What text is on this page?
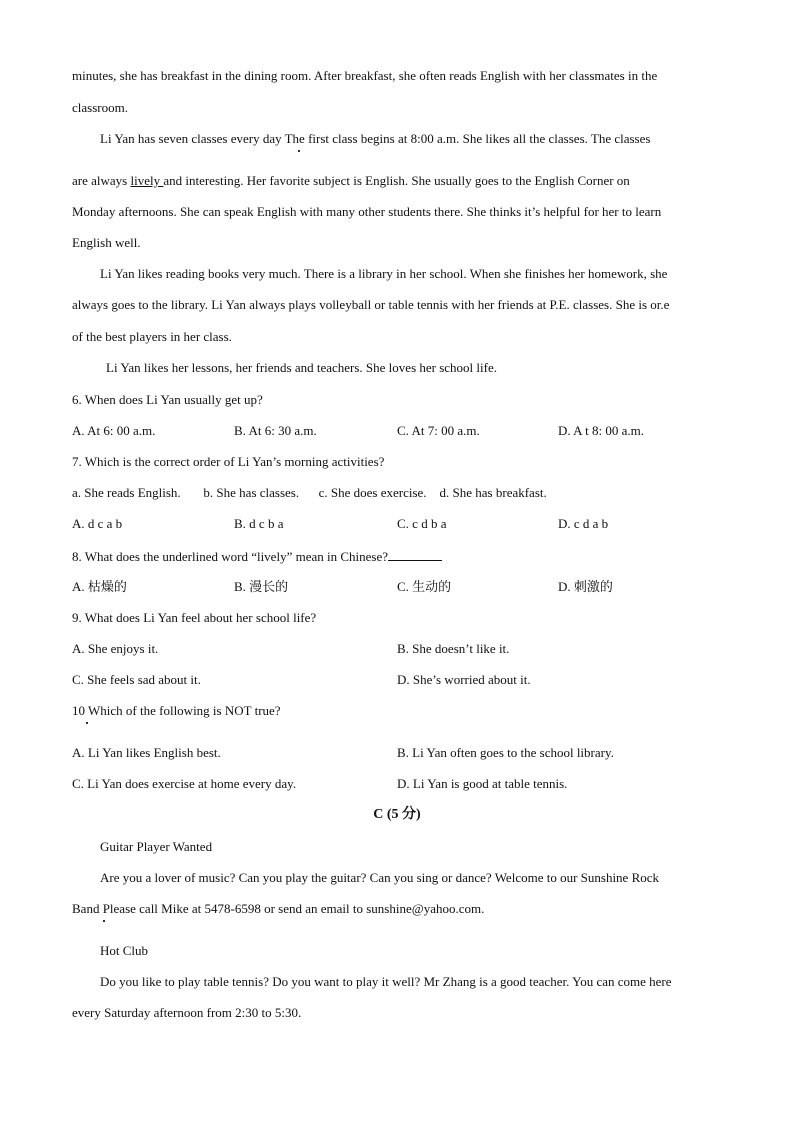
minutes, she has breakfast in the dining room. After breakfast, she often reads English with her classmates in the
classroom.
Li Yan has seven classes every day The first class begins at 8:00 a.m. She likes all the classes. The classes
are always lively and interesting. Her favorite subject is English. She usually goes to the English Corner on
Monday afternoons. She can speak English with many other students there. She thinks it’s helpful for her to learn
English well.
Li Yan likes reading books very much. There is a library in her school. When she finishes her homework, she
always goes to the library. Li Yan always plays volleyball or table tennis with her friends at P.E. classes. She is or.e
of the best players in her class.
Li Yan likes her lessons, her friends and teachers. She loves her school life.
6. When does Li Yan usually get up?
A. At 6: 00 a.m.	B. At 6: 30 a.m.	C. At 7: 00 a.m.	D. A t 8: 00 a.m.
7. Which is the correct order of Li Yan’s morning activities?
a. She reads English.       b. She has classes.      c. She does exercise.    d. She has breakfast.
A. d c a b	B. d c b a	C. c d b a	D. c d a b
8. What does the underlined word “lively” mean in Chinese?
A. 枯燥的	B. 漫长的	C. 生动的	D. 刺激的
9. What does Li Yan feel about her school life?
A. She enjoys it.	B. She doesn’t like it.
C. She feels sad about it.	D. She’s worried about it.
10 Which of the following is NOT true?
A. Li Yan likes English best.	B. Li Yan often goes to the school library.
C. Li Yan does exercise at home every day.	D. Li Yan is good at table tennis.
C (5 分)
Guitar Player Wanted
Are you a lover of music? Can you play the guitar? Can you sing or dance? Welcome to our Sunshine Rock
Band Please call Mike at 5478-6598 or send an email to sunshine@yahoo.com.
Hot Club
Do you like to play table tennis? Do you want to play it well? Mr Zhang is a good teacher. You can come here
every Saturday afternoon from 2:30 to 5:30.
